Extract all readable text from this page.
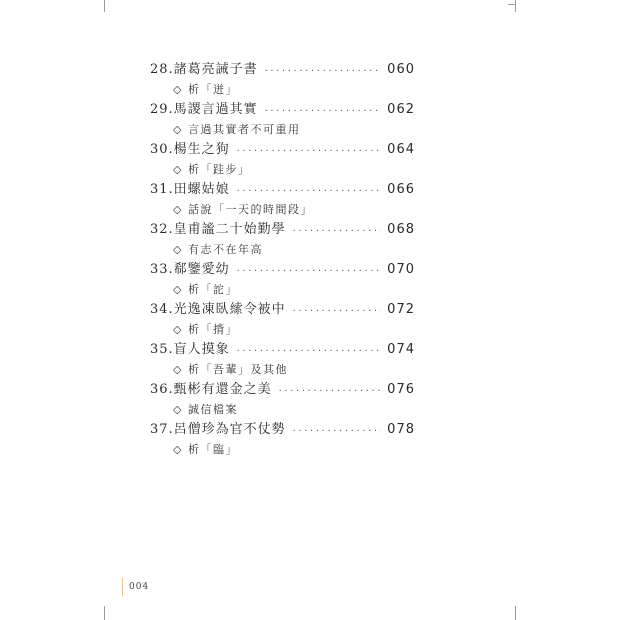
28.諸葛亮誡子書 ·····	060
◇ 析「迸」
29.馬謖言過其實 ·····	062
◇ 言過其實者不可重用
30.楊生之狗 ·····	064
◇ 析「跬步」
31.田螺姑娘 ·····	066
◇ 話說「一天的時間段」
32.皇甫謐二十始勤學 ·····	068
◇ 有志不在年高
33.郗鑒愛幼 ·····	070
◇ 析「詑」
34.光逸凍臥䌇令被中 ·····	072
◇ 析「揹」
35.盲人摸象 ·····	074
◇ 析「吾輩」及其他
36.甄彬有還金之美 ·····	076
◇ 誠信檔案
37.呂僧珍為官不仗勢 ·····	078
◇ 析「臨」
004
